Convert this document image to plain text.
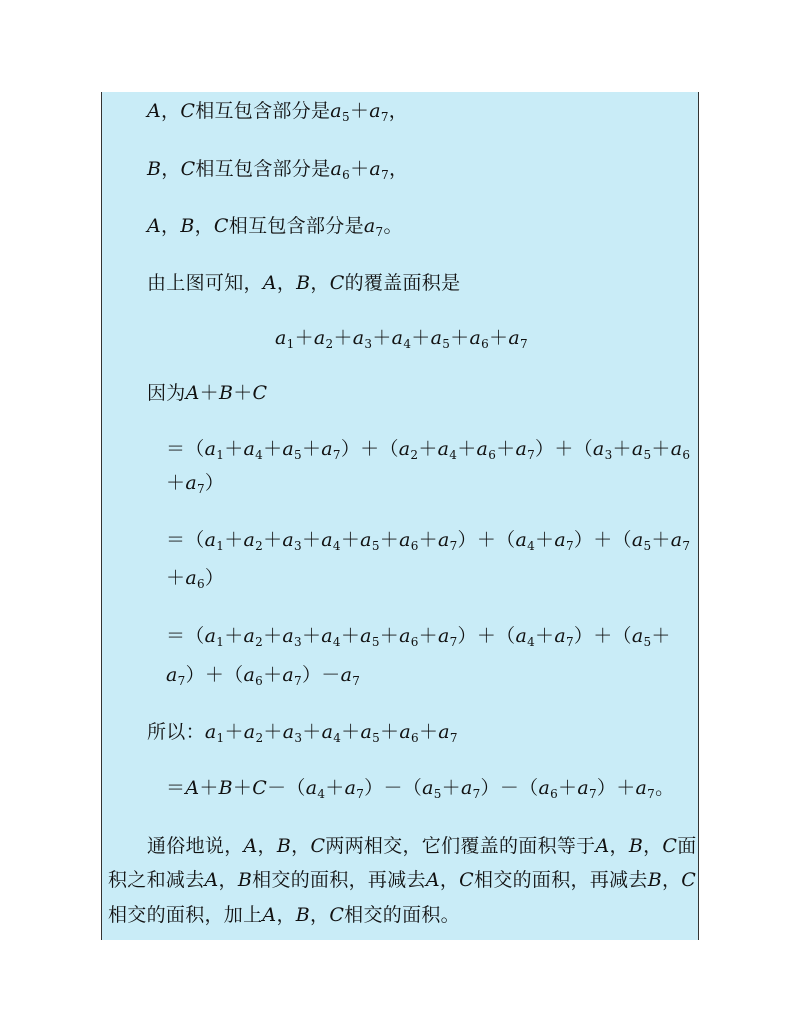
A，C相互包含部分是$a_5+a_7$，
B，C相互包含部分是$a_6+a_7$，
A，B，C相互包含部分是$a_7$。
由上图可知，A，B，C的覆盖面积是
$a_1+a_2+a_3+a_4+a_5+a_6+a_7$
因为A＋B＋C
$=(a_1+a_4+a_5+a_7)+(a_2+a_4+a_6+a_7)+(a_3+a_5+a_6$
$+a_7$）
$=(a_1+a_2+a_3+a_4+a_5+a_6+a_7)+(a_4+a_7)+(a_5+a_7$
$+a_6$）
$=(a_1+a_2+a_3+a_4+a_5+a_6+a_7)+(a_4+a_7)+(a_5+$
$a_7)+(a_6+a_7)-a_7$
所以：$a_1+a_2+a_3+a_4+a_5+a_6+a_7$
$=A+B+C-(a_4+a_7)-(a_5+a_7)-(a_6+a_7)+a_7$。
通俗地说，A，B，C两两相交，它们覆盖的面积等于A，B，C面
积之和减去A，B相交的面积，再减去A，C相交的面积，再减去B，C
相交的面积，加上A，B，C相交的面积。
